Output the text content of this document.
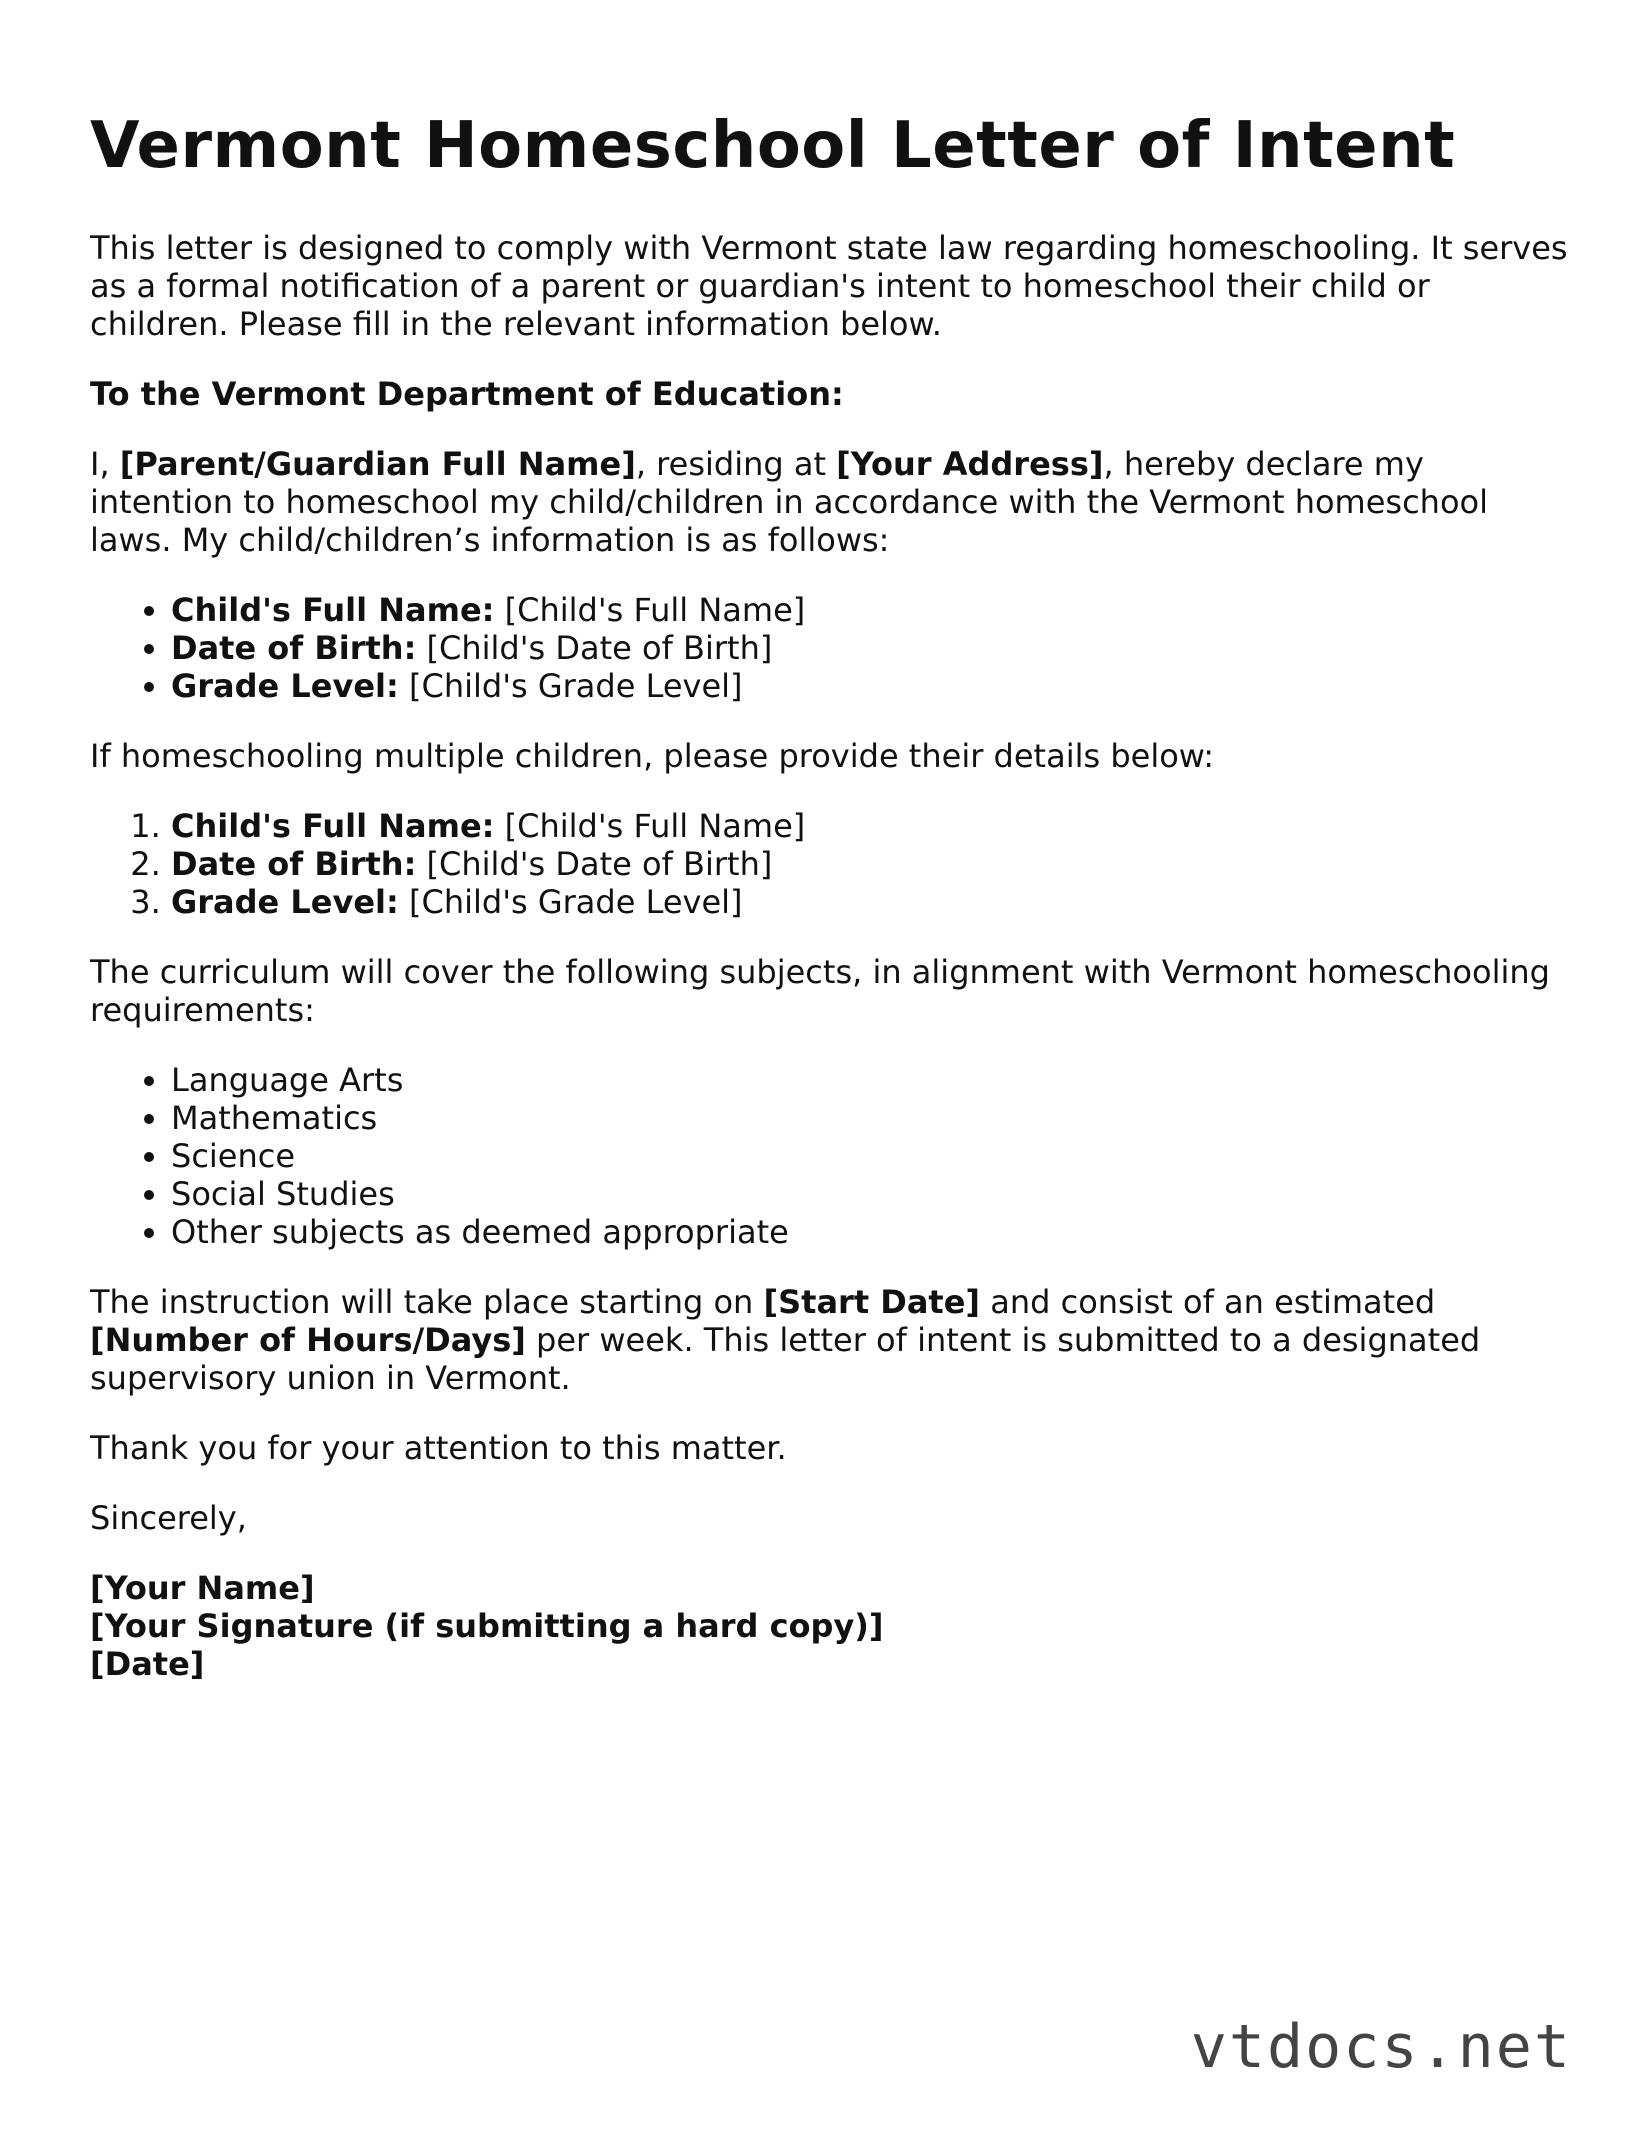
Vermont Homeschool Letter of Intent

This letter is designed to comply with Vermont state law regarding homeschooling. It serves as a formal notification of a parent or guardian's intent to homeschool their child or children. Please fill in the relevant information below.

To the Vermont Department of Education:

I, [Parent/Guardian Full Name], residing at [Your Address], hereby declare my intention to homeschool my child/children in accordance with the Vermont homeschool laws. My child/children’s information is as follows:

• Child's Full Name: [Child's Full Name]
• Date of Birth: [Child's Date of Birth]
• Grade Level: [Child's Grade Level]

If homeschooling multiple children, please provide their details below:

1. Child's Full Name: [Child's Full Name]
2. Date of Birth: [Child's Date of Birth]
3. Grade Level: [Child's Grade Level]

The curriculum will cover the following subjects, in alignment with Vermont homeschooling requirements:

• Language Arts
• Mathematics
• Science
• Social Studies
• Other subjects as deemed appropriate

The instruction will take place starting on [Start Date] and consist of an estimated [Number of Hours/Days] per week. This letter of intent is submitted to a designated supervisory union in Vermont.

Thank you for your attention to this matter.

Sincerely,

[Your Name]
[Your Signature (if submitting a hard copy)]
[Date]

vtdocs.net
